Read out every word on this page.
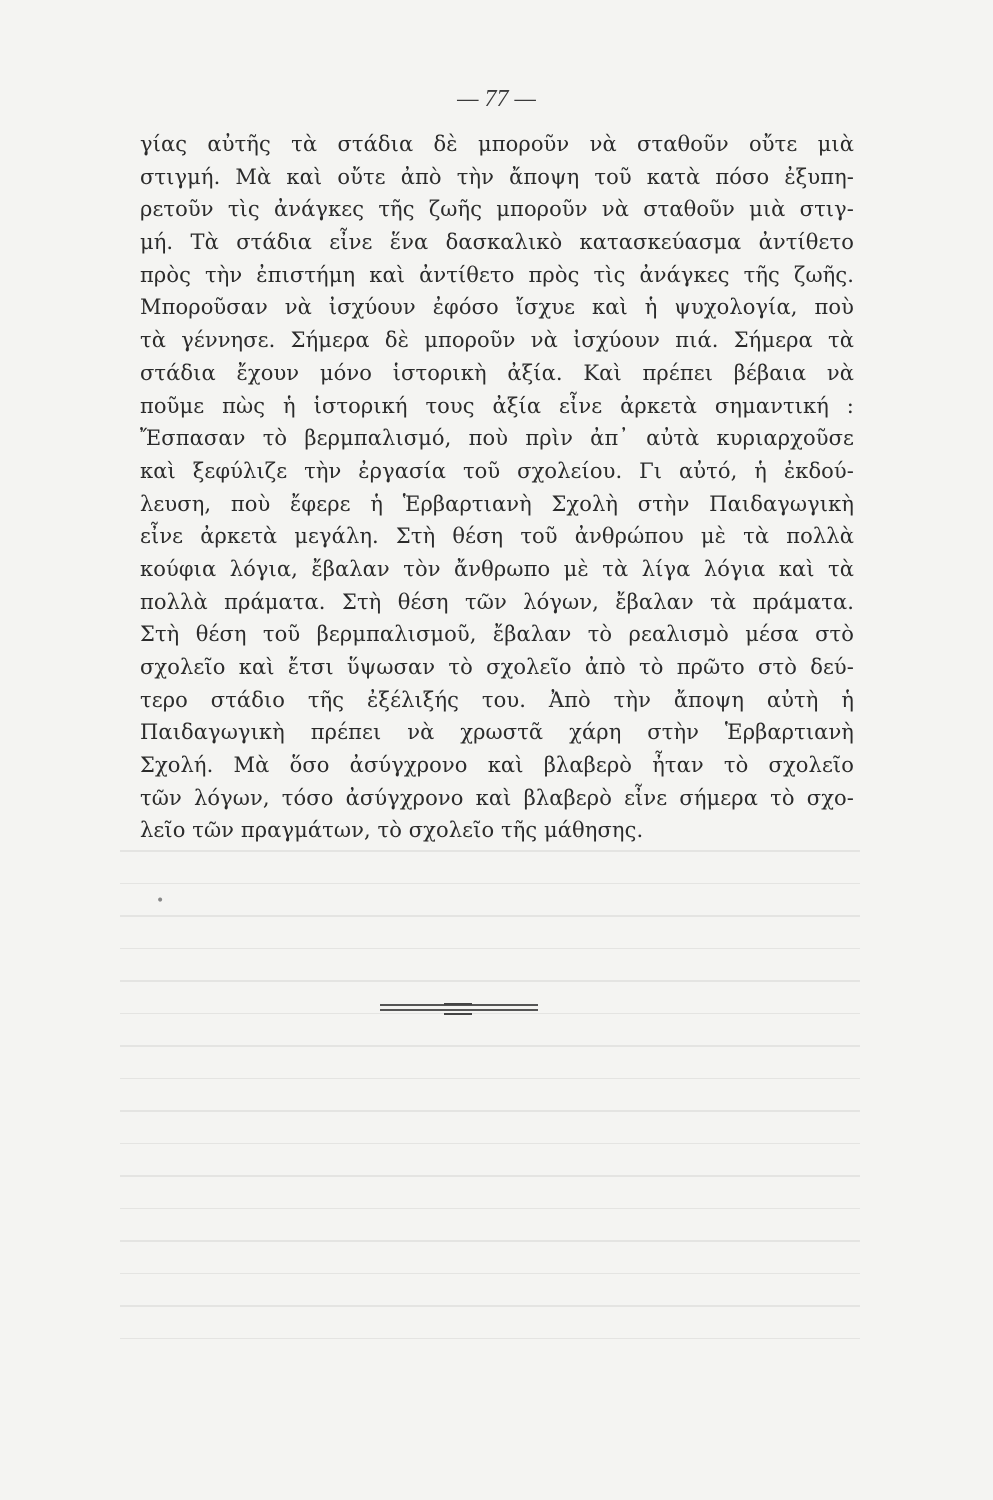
— 77 —
γίας αὐτῆς τὰ στάδια δὲ μποροῦν νὰ σταθοῦν οὔτε μιὰ
στιγμή. Μὰ καὶ οὔτε ἀπὸ τὴν ἄποψη τοῦ κατὰ πόσο ἐξυπη-
ρετοῦν τὶς ἀνάγκες τῆς ζωῆς μποροῦν νὰ σταθοῦν μιὰ στιγ-
μή. Τὰ στάδια εἶνε ἕνα δασκαλικὸ κατασκεύασμα ἀντίθετο
πρὸς τὴν ἐπιστήμη καὶ ἀντίθετο πρὸς τὶς ἀνάγκες τῆς ζωῆς.
Μποροῦσαν νὰ ἰσχύουν ἐφόσο ἴσχυε καὶ ἡ ψυχολογία, ποὺ
τὰ γέννησε. Σήμερα δὲ μποροῦν νὰ ἰσχύουν πιά. Σήμερα τὰ
στάδια ἔχουν μόνο ἱστορικὴ ἀξία. Καὶ πρέπει βέβαια νὰ
ποῦμε πὼς ἡ ἱστορική τους ἀξία εἶνε ἀρκετὰ σημαντική :
Ἔσπασαν τὸ βερμπαλισμό, ποὺ πρὶν ἀπ᾽ αὐτὰ κυριαρχοῦσε
καὶ ξεφύλιζε τὴν ἐργασία τοῦ σχολείου. Γι αὐτό, ἡ ἐκδού-
λευση, ποὺ ἔφερε ἡ Ἑρβαρτιανὴ Σχολὴ στὴν Παιδαγωγικὴ
εἶνε ἀρκετὰ μεγάλη. Στὴ θέση τοῦ ἀνθρώπου μὲ τὰ πολλὰ
κούφια λόγια, ἔβαλαν τὸν ἄνθρωπο μὲ τὰ λίγα λόγια καὶ τὰ
πολλὰ πράματα. Στὴ θέση τῶν λόγων, ἔβαλαν τὰ πράματα.
Στὴ θέση τοῦ βερμπαλισμοῦ, ἔβαλαν τὸ ρεαλισμὸ μέσα στὸ
σχολεῖο καὶ ἔτσι ὕψωσαν τὸ σχολεῖο ἀπὸ τὸ πρῶτο στὸ δεύ-
τερο στάδιο τῆς ἐξέλιξής του. Ἀπὸ τὴν ἄποψη αὐτὴ ἡ
Παιδαγωγικὴ πρέπει νὰ χρωστᾶ χάρη στὴν Ἑρβαρτιανὴ
Σχολή. Μὰ ὅσο ἀσύγχρονο καὶ βλαβερὸ ἦταν τὸ σχολεῖο
τῶν λόγων, τόσο ἀσύγχρονο καὶ βλαβερὸ εἶνε σήμερα τὸ σχο-
λεῖο τῶν πραγμάτων, τὸ σχολεῖο τῆς μάθησης.
•
